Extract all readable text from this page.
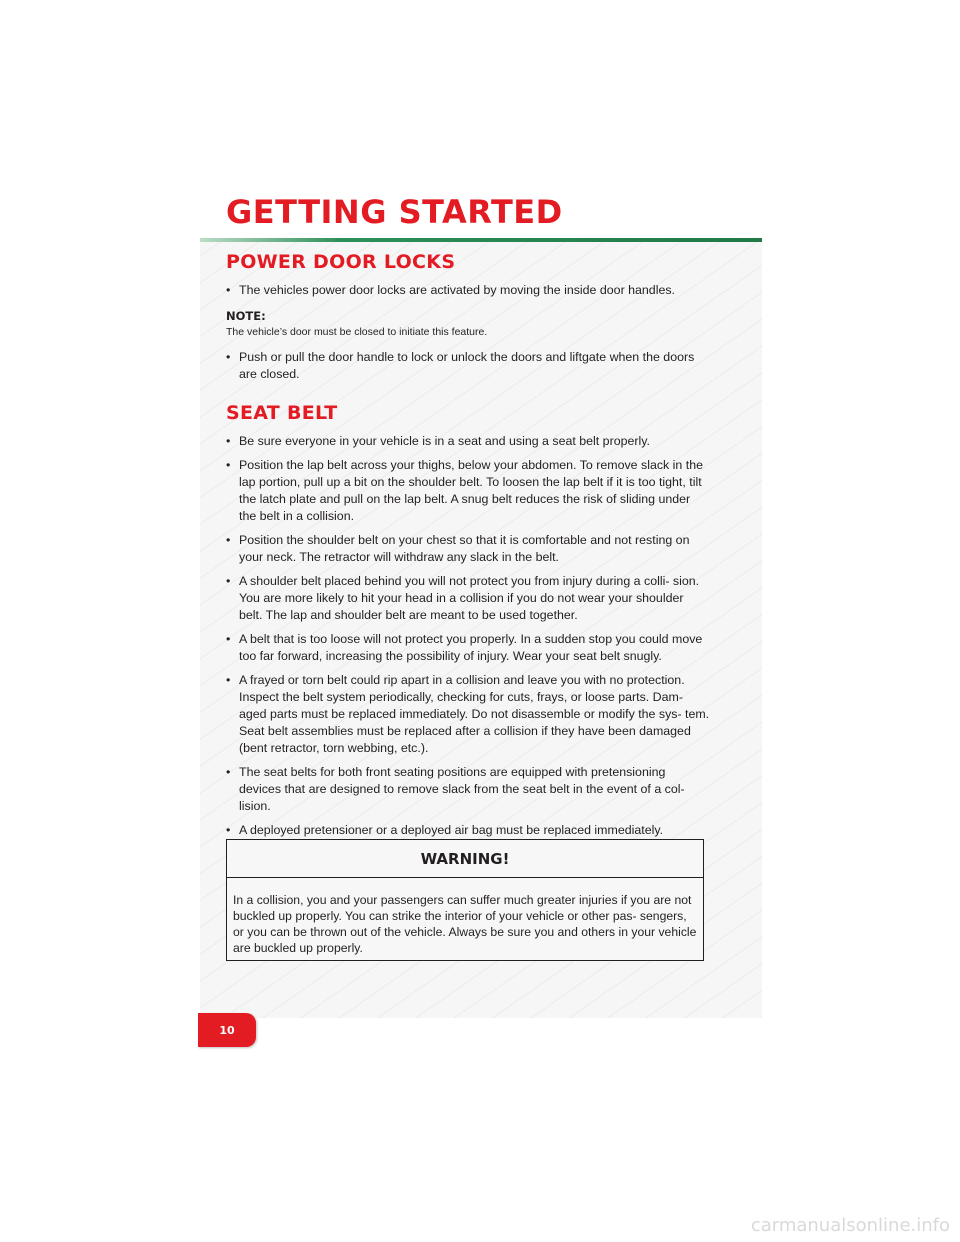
GETTING STARTED
POWER DOOR LOCKS
• The vehicles power door locks are activated by moving the inside door handles.
NOTE:

The vehicle’s door must be closed to initiate this feature.

• Push or pull the door handle to lock or unlock the doors and liftgate when the doors are closed.
SEAT BELT
• Be sure everyone in your vehicle is in a seat and using a seat belt properly.
• Position the lap belt across your thighs, below your abdomen. To remove slack in the lap portion, pull up a bit on the shoulder belt. To loosen the lap belt if it is too tight, tilt the latch plate and pull on the lap belt. A snug belt reduces the risk of sliding under the belt in a collision.
• Position the shoulder belt on your chest so that it is comfortable and not resting on your neck. The retractor will withdraw any slack in the belt.
• A shoulder belt placed behind you will not protect you from injury during a colli- sion. You are more likely to hit your head in a collision if you do not wear your shoulder belt. The lap and shoulder belt are meant to be used together.
• A belt that is too loose will not protect you properly. In a sudden stop you could move too far forward, increasing the possibility of injury. Wear your seat belt snugly.
• A frayed or torn belt could rip apart in a collision and leave you with no protection. Inspect the belt system periodically, checking for cuts, frays, or loose parts. Dam- aged parts must be replaced immediately. Do not disassemble or modify the sys- tem. Seat belt assemblies must be replaced after a collision if they have been damaged (bent retractor, torn webbing, etc.).
• The seat belts for both front seating positions are equipped with pretensioning devices that are designed to remove slack from the seat belt in the event of a col- lision.
• A deployed pretensioner or a deployed air bag must be replaced immediately.
WARNING!

In a collision, you and your passengers can suffer much greater injuries if you are not buckled up properly. You can strike the interior of your vehicle or other pas- sengers, or you can be thrown out of the vehicle. Always be sure you and others in your vehicle are buckled up properly.

10
carmanualsonline.info
